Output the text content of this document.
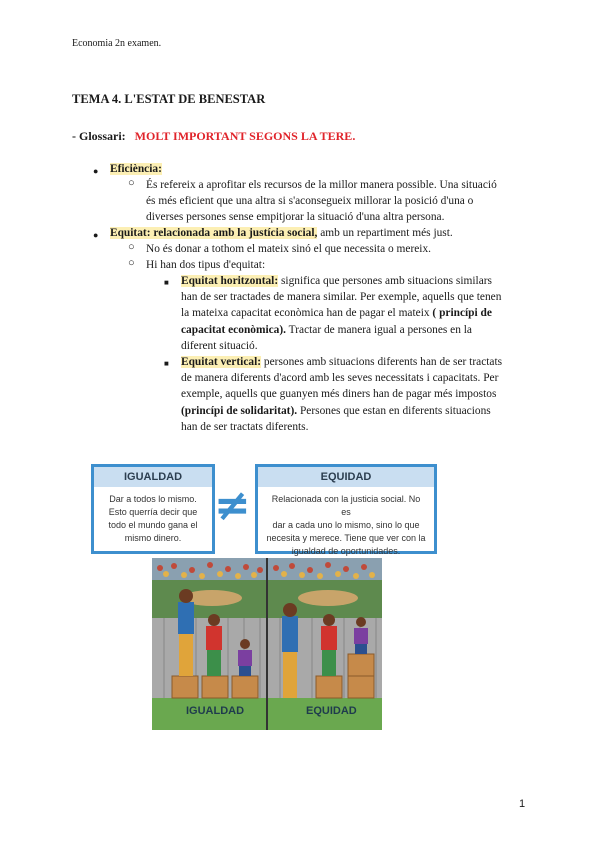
Economia 2n examen.
TEMA 4. L'ESTAT DE BENESTAR
- Glossari: MOLT IMPORTANT SEGONS LA TERE.
● Eficiència:
○ És refereix a aprofitar els recursos de la millor manera possible. Una situació
és més eficient que una altra si s'aconsegueix millorar la posició d'una o
diverses persones sense empitjorar la situació d'una altra persona.
● Equitat: relacionada amb la justícia social, amb un repartiment més just.
○ No és donar a tothom el mateix sinó el que necessita o mereix.
○ Hi han dos tipus d'equitat:
■ Equitat horitzontal: significa que persones amb situacions similars
han de ser tractades de manera similar. Per exemple, aquells que tenen
la mateixa capacitat econòmica han de pagar el mateix ( princípi de
capacitat econòmica). Tractar de manera igual a persones en la
diferent situació.
■ Equitat vertical: persones amb situacions diferents han de ser tractats
de manera diferents d'acord amb les seves necessitats i capacitats. Per
exemple, aquells que guanyen més diners han de pagar més impostos
(princípi de solidaritat). Persones que estan en diferents situacions
han de ser tractats diferents.
IGUALDAD
Dar a todos lo mismo.
Esto querría decir que
todo el mundo gana el
mismo dinero.
≠
EQUIDAD
Relacionada con la justicia social. No es
dar a cada uno lo mismo, sino lo que
necesita y merece. Tiene que ver con la
igualdad de oportunidades.
IGUALDAD	EQUIDAD
1
